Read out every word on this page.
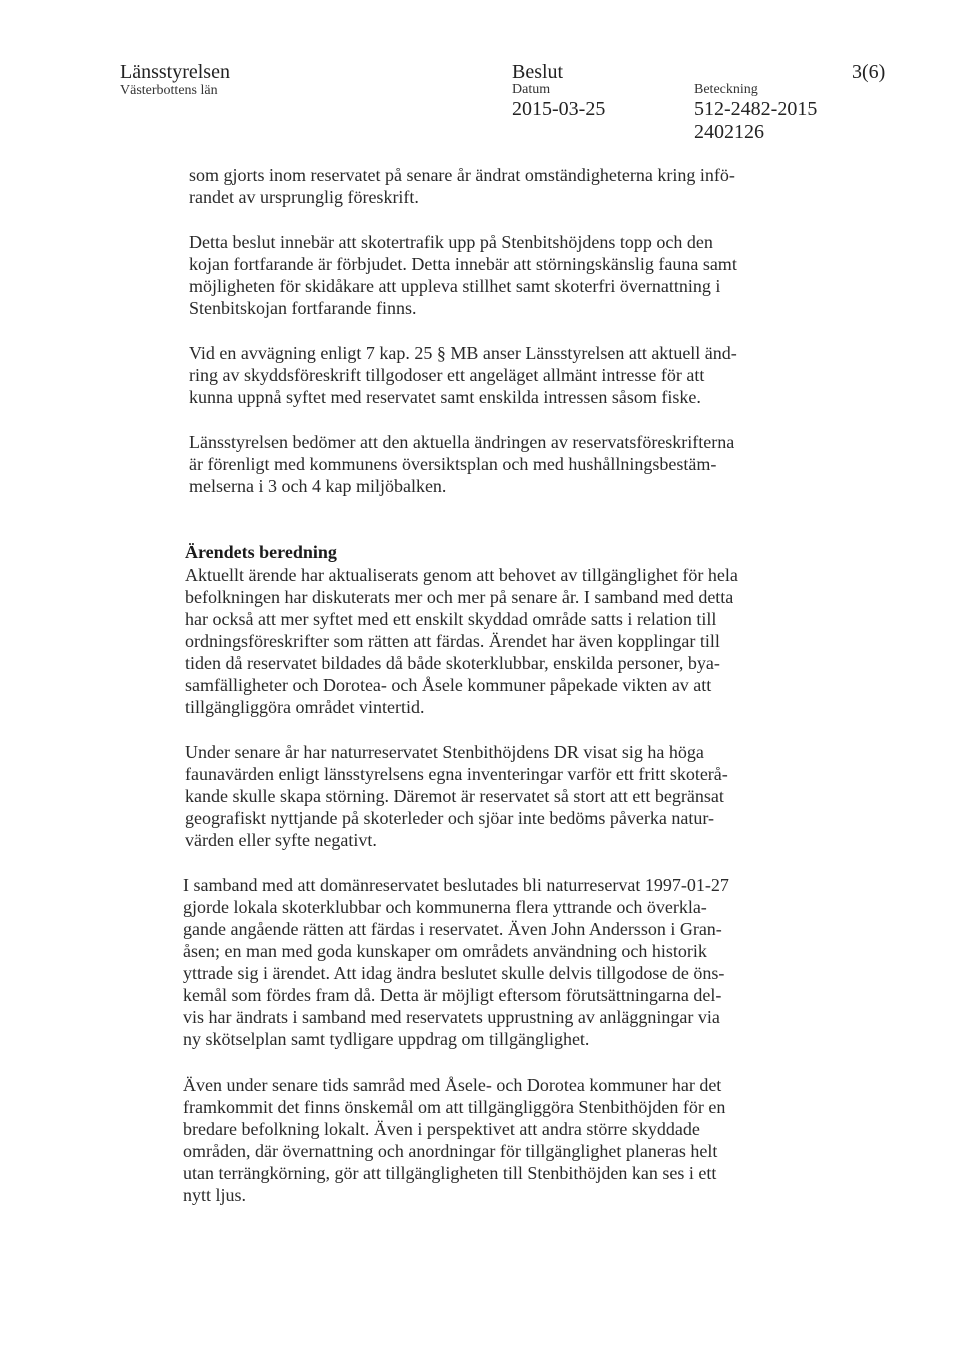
Länsstyrelsen
Västerbottens län
Beslut
Datum
2015-03-25
Beteckning
512-2482-2015
2402126
3(6)
som gjorts inom reservatet på senare år ändrat omständigheterna kring infö-
randet av ursprunglig föreskrift.
Detta beslut innebär att skotertrafik upp på Stenbitshöjdens topp och den
kojan fortfarande är förbjudet. Detta innebär att störningskänslig fauna samt
möjligheten för skidåkare att uppleva stillhet samt skoterfri övernattning i
Stenbitskojan fortfarande finns.
Vid en avvägning enligt 7 kap. 25 § MB anser Länsstyrelsen att aktuell änd-
ring av skyddsföreskrift tillgodoser ett angeläget allmänt intresse för att
kunna uppnå syftet med reservatet samt enskilda intressen såsom fiske.
Länsstyrelsen bedömer att den aktuella ändringen av reservatsföreskrifterna
är förenligt med kommunens översiktsplan och med hushållningsbestäm-
melserna i 3 och 4 kap miljöbalken.
Ärendets beredning
Aktuellt ärende har aktualiserats genom att behovet av tillgänglighet för hela
befolkningen har diskuterats mer och mer på senare år. I samband med detta
har också att mer syftet med ett enskilt skyddad område satts i relation till
ordningsföreskrifter som rätten att färdas. Ärendet har även kopplingar till
tiden då reservatet bildades då både skoterklubbar, enskilda personer, bya-
samfälligheter och Dorotea- och Åsele kommuner påpekade vikten av att
tillgängliggöra området vintertid.
Under senare år har naturreservatet Stenbithöjdens DR visat sig ha höga
faunavärden enligt länsstyrelsens egna inventeringar varför ett fritt skoterå-
kande skulle skapa störning. Däremot är reservatet så stort att ett begränsat
geografiskt nyttjande på skoterleder och sjöar inte bedöms påverka natur-
värden eller syfte negativt.
I samband med att domänreservatet beslutades bli naturreservat 1997-01-27
gjorde lokala skoterklubbar och kommunerna flera yttrande och överkla-
gande angående rätten att färdas i reservatet. Även John Andersson i Gran-
åsen; en man med goda kunskaper om områdets användning och historik
yttrade sig i ärendet. Att idag ändra beslutet skulle delvis tillgodose de öns-
kemål som fördes fram då. Detta är möjligt eftersom förutsättningarna del-
vis har ändrats i samband med reservatets upprustning av anläggningar via
ny skötselplan samt tydligare uppdrag om tillgänglighet.
Även under senare tids samråd med Åsele- och Dorotea kommuner har det
framkommit det finns önskemål om att tillgängliggöra Stenbithöjden för en
bredare befolkning lokalt. Även i perspektivet att andra större skyddade
områden, där övernattning och anordningar för tillgänglighet planeras helt
utan terrängkörning, gör att tillgängligheten till Stenbithöjden kan ses i ett
nytt ljus.
